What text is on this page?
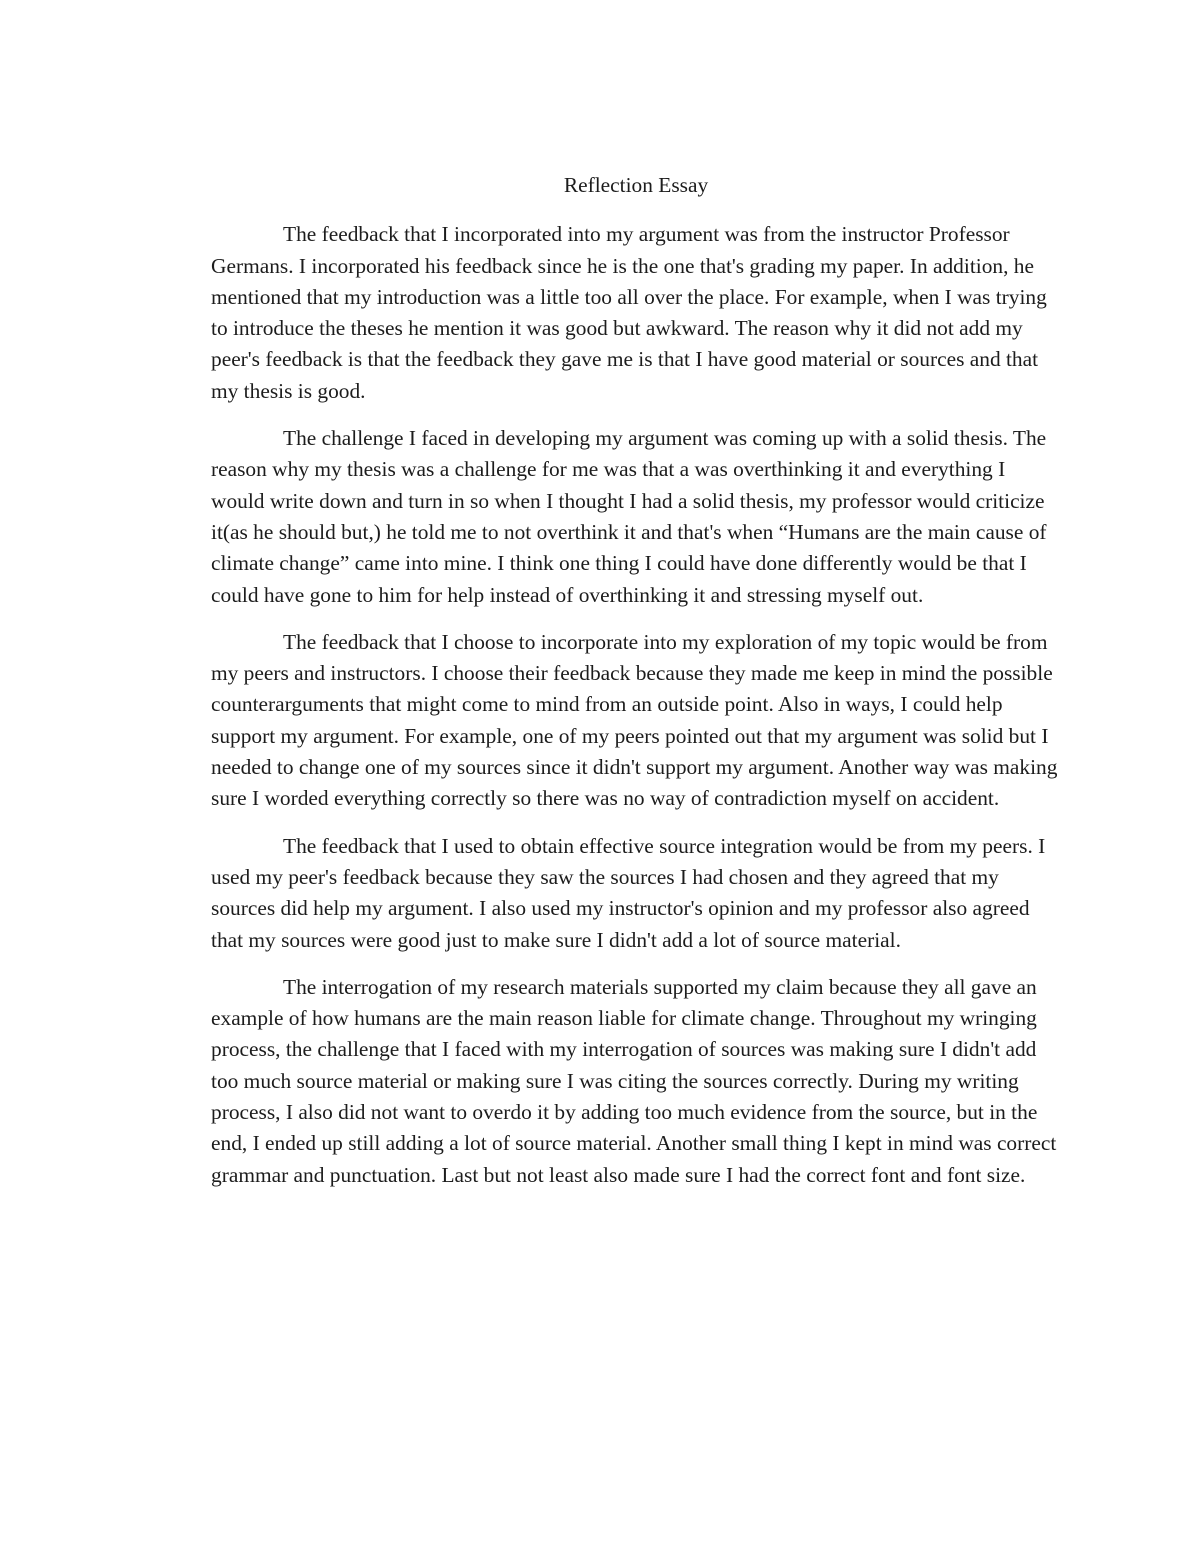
Reflection Essay

The feedback that I incorporated into my argument was from the instructor Professor Germans. I incorporated his feedback since he is the one that's grading my paper. In addition, he mentioned that my introduction was a little too all over the place. For example, when I was trying to introduce the theses he mention it was good but awkward. The reason why it did not add my peer's feedback is that the feedback they gave me is that I have good material or sources and that my thesis is good.

The challenge I faced in developing my argument was coming up with a solid thesis. The reason why my thesis was a challenge for me was that a was overthinking it and everything I would write down and turn in so when I thought I had a solid thesis, my professor would criticize it(as he should but,) he told me to not overthink it and that's when “Humans are the main cause of climate change” came into mine. I think one thing I could have done differently would be that I could have gone to him for help instead of overthinking it and stressing myself out.

The feedback that I choose to incorporate into my exploration of my topic would be from my peers and instructors. I choose their feedback because they made me keep in mind the possible counterarguments that might come to mind from an outside point. Also in ways, I could help support my argument. For example, one of my peers pointed out that my argument was solid but I needed to change one of my sources since it didn't support my argument. Another way was making sure I worded everything correctly so there was no way of contradiction myself on accident.

The feedback that I used to obtain effective source integration would be from my peers. I used my peer's feedback because they saw the sources I had chosen and they agreed that my sources did help my argument. I also used my instructor's opinion and my professor also agreed that my sources were good just to make sure I didn't add a lot of source material.

The interrogation of my research materials supported my claim because they all gave an example of how humans are the main reason liable for climate change. Throughout my wringing process, the challenge that I faced with my interrogation of sources was making sure I didn't add too much source material or making sure I was citing the sources correctly. During my writing process, I also did not want to overdo it by adding too much evidence from the source, but in the end, I ended up still adding a lot of source material. Another small thing I kept in mind was correct grammar and punctuation. Last but not least also made sure I had the correct font and font size.
